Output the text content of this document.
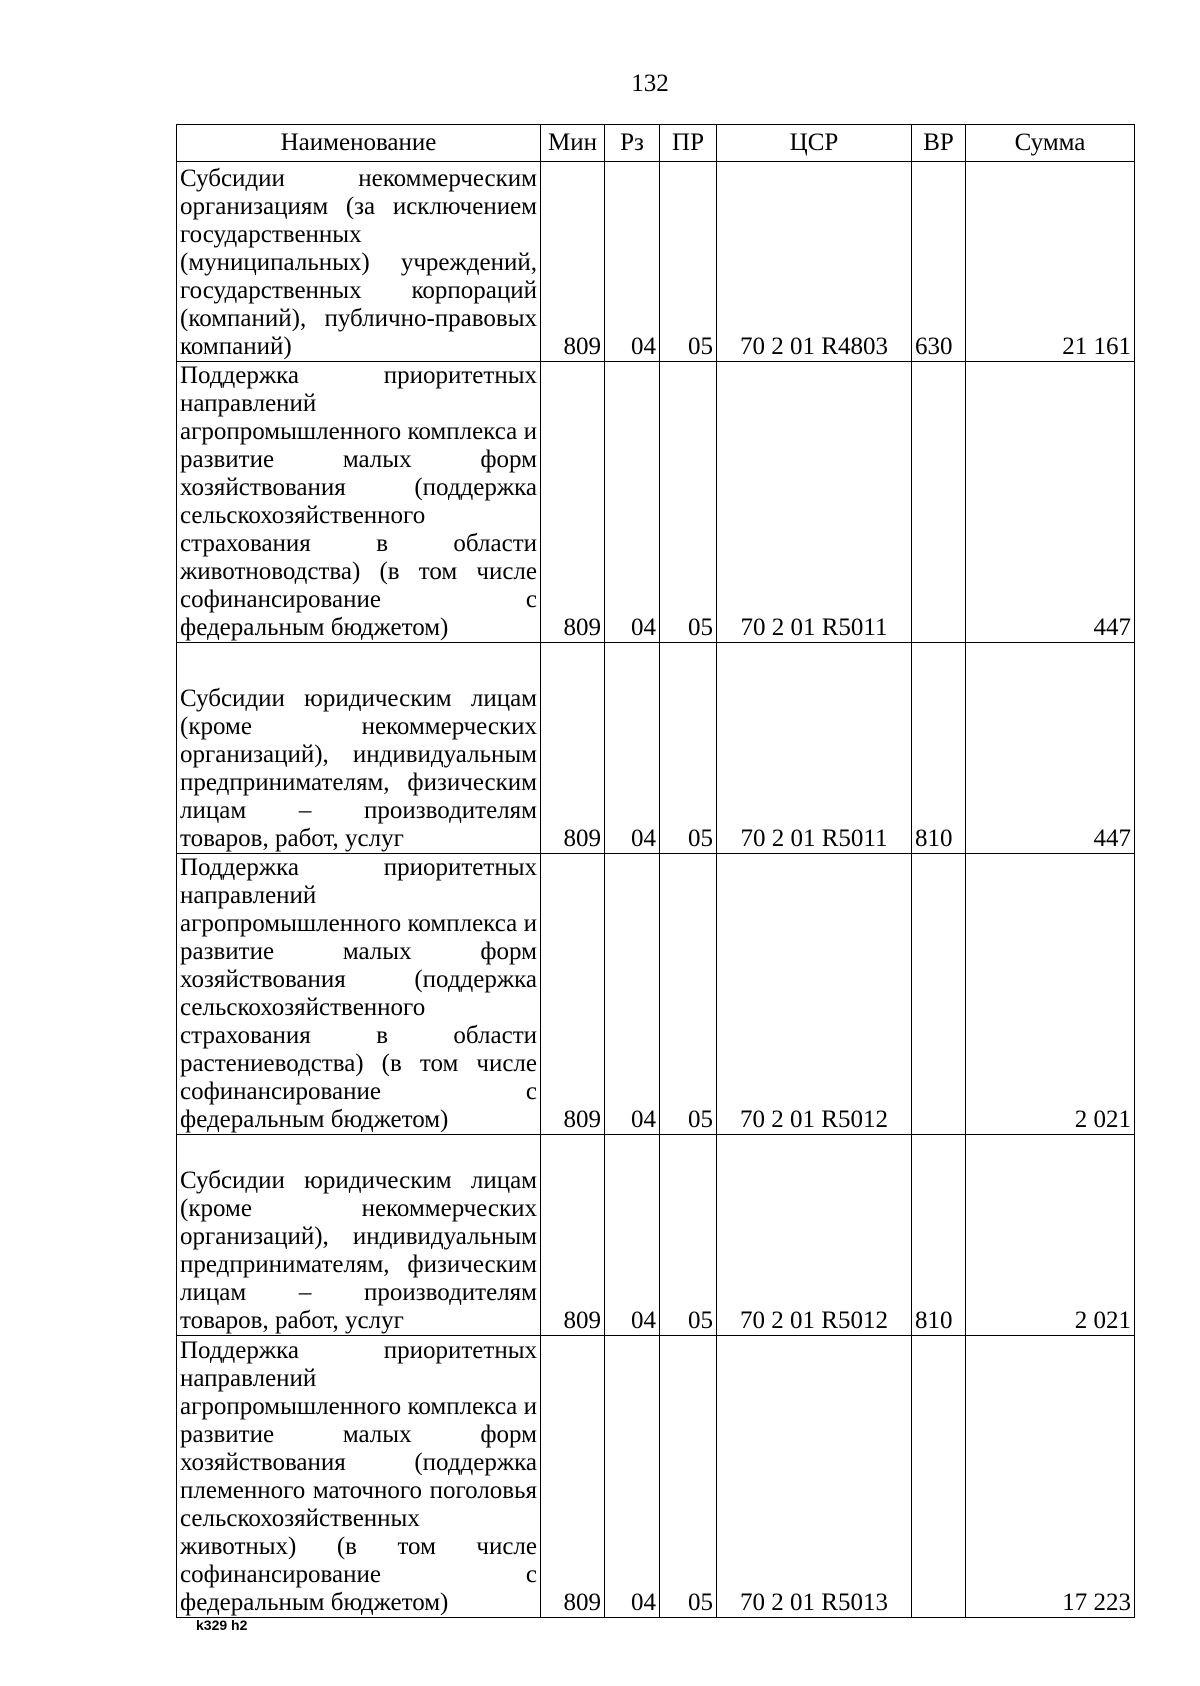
132
Наименование	Мин	Рз	ПР	ЦСР	ВР	Сумма
Субсидии некоммерческим организациям (за исключением государственных (муниципальных) учреждений, государственных корпораций (компаний), публично-правовых компаний)	809	04	05	70 2 01 R4803	630	21 161
Поддержка приоритетных направлений агропромышленного комплекса и развитие малых форм хозяйствования (поддержка сельскохозяйственного страхования в области животноводства) (в том числе софинансирование с федеральным бюджетом)	809	04	05	70 2 01 R5011		447
Субсидии юридическим лицам (кроме некоммерческих организаций), индивидуальным предпринимателям, физическим лицам – производителям товаров, работ, услуг	809	04	05	70 2 01 R5011	810	447
Поддержка приоритетных направлений агропромышленного комплекса и развитие малых форм хозяйствования (поддержка сельскохозяйственного страхования в области растениеводства) (в том числе софинансирование с федеральным бюджетом)	809	04	05	70 2 01 R5012		2 021
Субсидии юридическим лицам (кроме некоммерческих организаций), индивидуальным предпринимателям, физическим лицам – производителям товаров, работ, услуг	809	04	05	70 2 01 R5012	810	2 021
Поддержка приоритетных направлений агропромышленного комплекса и развитие малых форм хозяйствования (поддержка племенного маточного поголовья сельскохозяйственных животных) (в том числе софинансирование с федеральным бюджетом)	809	04	05	70 2 01 R5013		17 223
k329 h2
